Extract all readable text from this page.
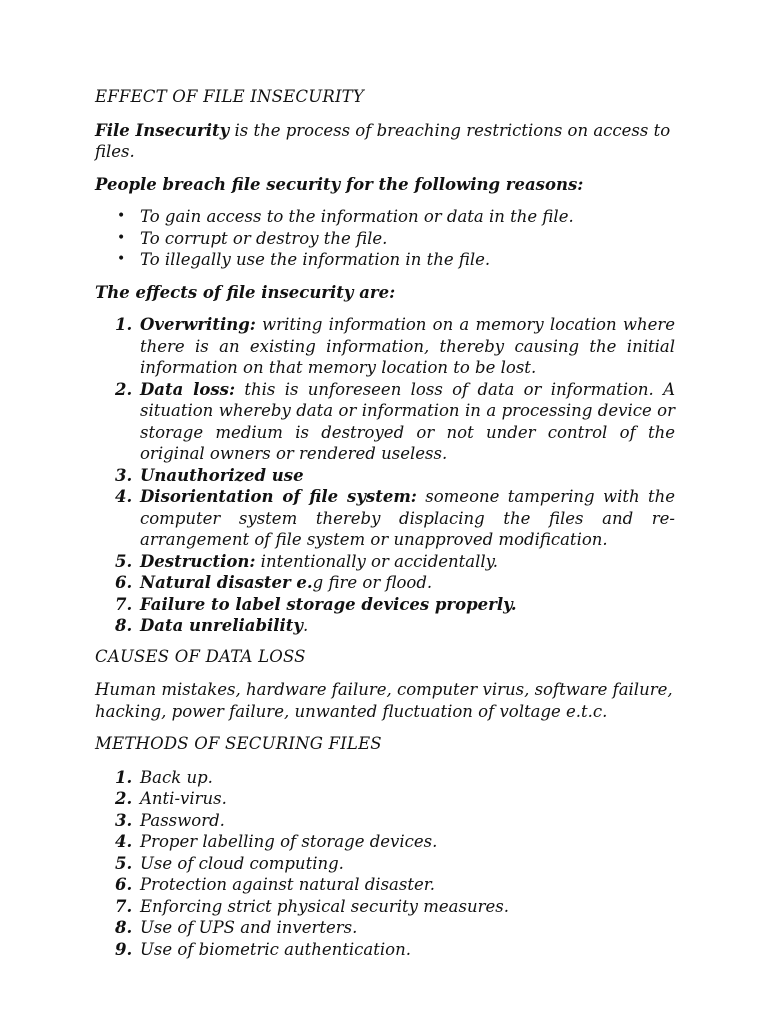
EFFECT OF FILE INSECURITY

File Insecurity is the process of breaching restrictions on access to files.

People breach file security for the following reasons:

• To gain access to the information or data in the file.
• To corrupt or destroy the file.
• To illegally use the information in the file.

The effects of file insecurity are:

1. Overwriting: writing information on a memory location where there is an existing information, thereby causing the initial information on that memory location to be lost.
2. Data loss: this is unforeseen loss of data or information. A situation whereby data or information in a processing device or storage medium is destroyed or not under control of the original owners or rendered useless.
3. Unauthorized use
4. Disorientation of file system: someone tampering with the computer system thereby displacing the files and re-arrangement of file system or unapproved modification.
5. Destruction: intentionally or accidentally.
6. Natural disaster e.g fire or flood.
7. Failure to label storage devices properly.
8. Data unreliability.
CAUSES OF DATA LOSS

Human mistakes, hardware failure, computer virus, software failure, hacking, power failure, unwanted fluctuation of voltage e.t.c.

METHODS OF SECURING FILES
1. Back up.
2. Anti-virus.
3. Password.
4. Proper labelling of storage devices.
5. Use of cloud computing.
6. Protection against natural disaster.
7. Enforcing strict physical security measures.
8. Use of UPS and inverters.
9. Use of biometric authentication.
